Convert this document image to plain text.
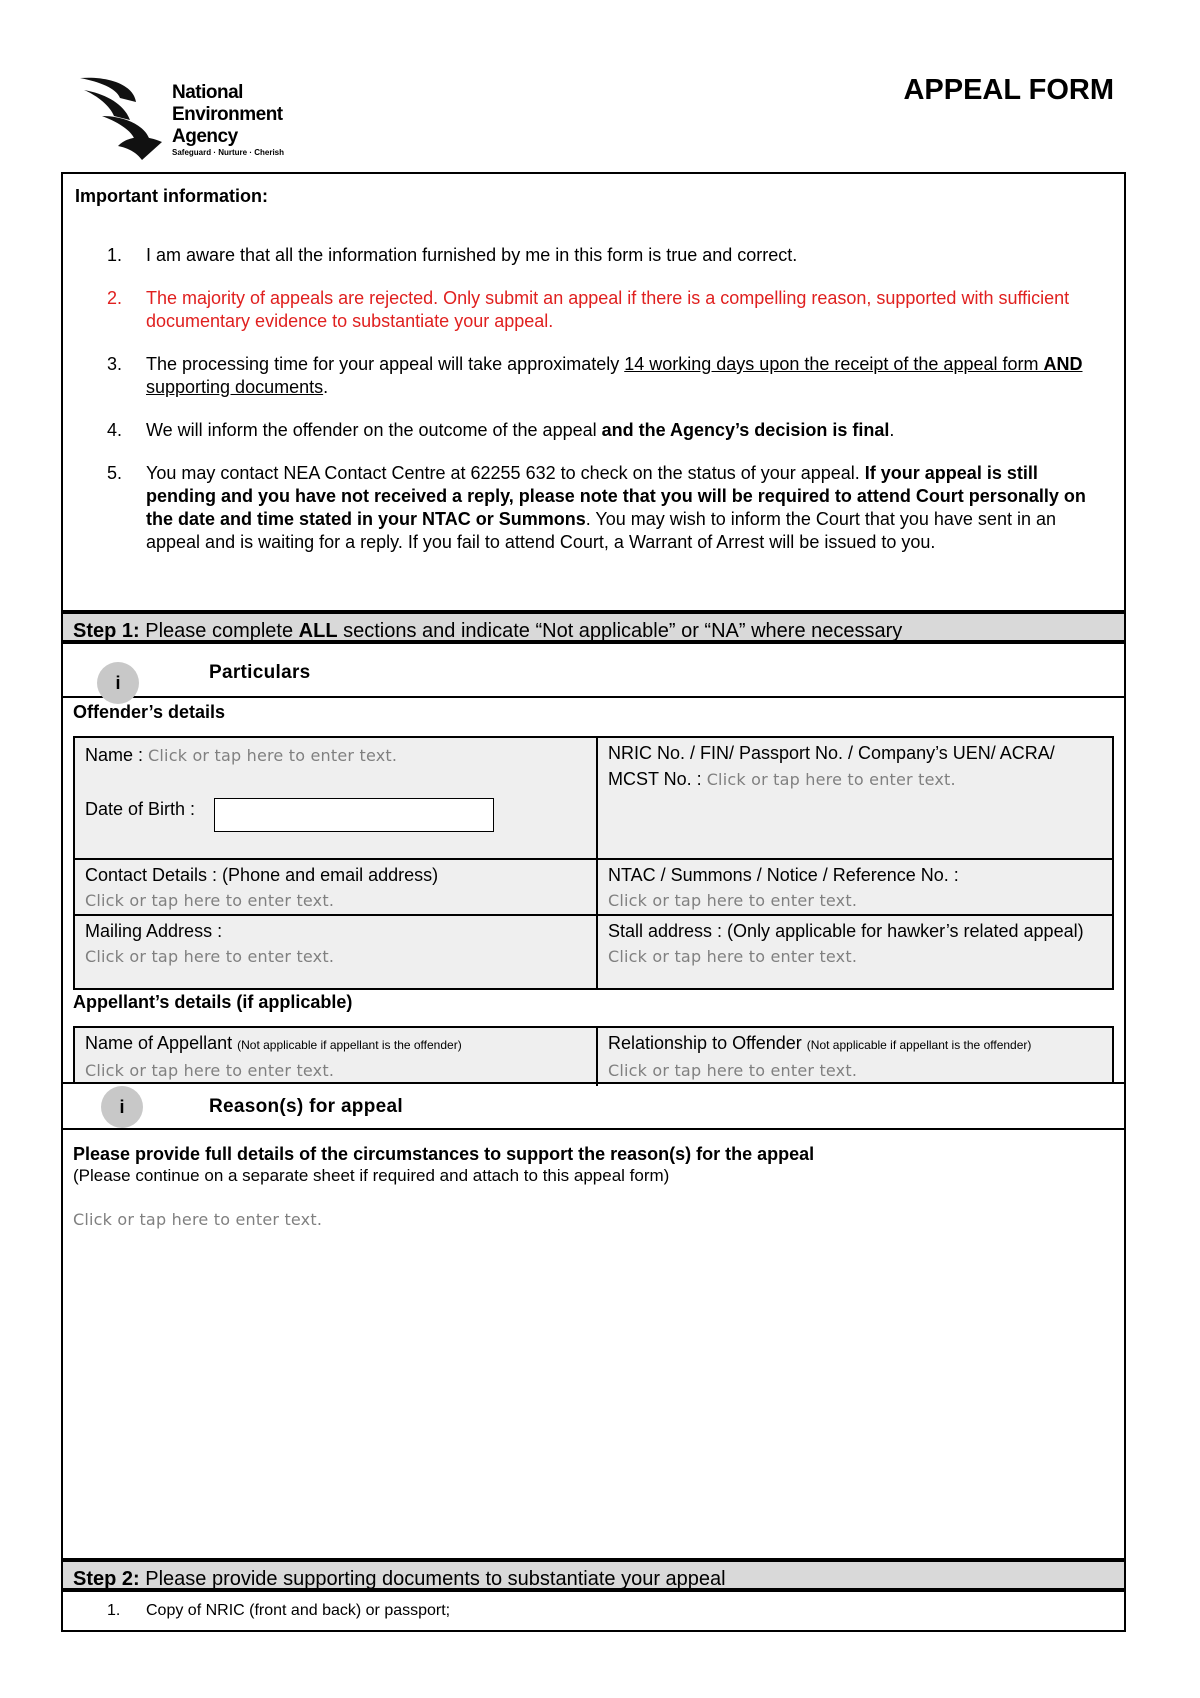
National
Environment
Agency
Safeguard · Nurture · Cherish
APPEAL FORM
Important information:
1. I am aware that all the information furnished by me in this form is true and correct.
2. The majority of appeals are rejected. Only submit an appeal if there is a compelling reason, supported with sufficient documentary evidence to substantiate your appeal.
3. The processing time for your appeal will take approximately 14 working days upon the receipt of the appeal form AND supporting documents.
4. We will inform the offender on the outcome of the appeal and the Agency’s decision is final.
5. You may contact NEA Contact Centre at 62255 632 to check on the status of your appeal. If your appeal is still pending and you have not received a reply, please note that you will be required to attend Court personally on the date and time stated in your NTAC or Summons. You may wish to inform the Court that you have sent in an appeal and is waiting for a reply. If you fail to attend Court, a Warrant of Arrest will be issued to you.
Step 1: Please complete ALL sections and indicate “Not applicable” or “NA” where necessary
i	Particulars
Offender’s details
Name : Click or tap here to enter text.
Date of Birth :
NRIC No. / FIN/ Passport No. / Company’s UEN/ ACRA/ MCST No. : Click or tap here to enter text.
Contact Details : (Phone and email address)
Click or tap here to enter text.
NTAC / Summons / Notice / Reference No. :
Click or tap here to enter text.
Mailing Address :
Click or tap here to enter text.
Stall address : (Only applicable for hawker’s related appeal)
Click or tap here to enter text.
Appellant’s details (if applicable)
Name of Appellant (Not applicable if appellant is the offender)
Click or tap here to enter text.
Relationship to Offender (Not applicable if appellant is the offender)
Click or tap here to enter text.
i	Reason(s) for appeal
Please provide full details of the circumstances to support the reason(s) for the appeal
(Please continue on a separate sheet if required and attach to this appeal form)
Click or tap here to enter text.
Step 2: Please provide supporting documents to substantiate your appeal
1. Copy of NRIC (front and back) or passport;
